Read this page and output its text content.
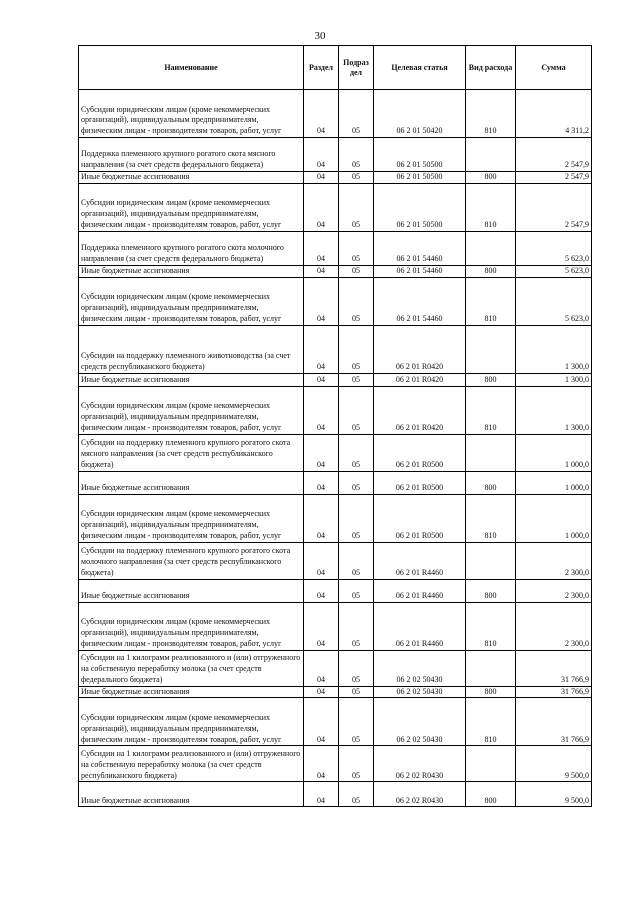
30
Наименование	Раздел	Подраз дел	Целевая статья	Вид расхода	Сумма
Субсидии юридическим лицам (кроме некоммерческих организаций), индивидуальным предпринимателям, физическим лицам - производителям товаров, работ, услуг	04	05	06 2 01 50420	810	4 311,2
Поддержка племенного крупного рогатого скота мясного направления (за счет средств федерального бюджета)	04	05	06 2 01 50500		2 547,9
Иные бюджетные ассигнования	04	05	06 2 01 50500	800	2 547,9
Субсидии юридическим лицам (кроме некоммерческих организаций), индивидуальным предпринимателям, физическим лицам - производителям товаров, работ, услуг	04	05	06 2 01 50500	810	2 547,9
Поддержка племенного крупного рогатого скота молочного направления (за счет средств федерального бюджета)	04	05	06 2 01 54460		5 623,0
Иные бюджетные ассигнования	04	05	06 2 01 54460	800	5 623,0
Субсидии юридическим лицам (кроме некоммерческих организаций), индивидуальным предпринимателям, физическим лицам - производителям товаров, работ, услуг	04	05	06 2 01 54460	810	5 623,0
Субсидии на поддержку племенного животноводства (за счет средств республиканского бюджета)	04	05	06 2 01 R0420		1 300,0
Иные бюджетные ассигнования	04	05	06 2 01 R0420	800	1 300,0
Субсидии юридическим лицам (кроме некоммерческих организаций), индивидуальным предпринимателям, физическим лицам - производителям товаров, работ, услуг	04	05	06 2 01 R0420	810	1 300,0
Субсидии на поддержку племенного крупного рогатого скота мясного направления (за счет средств республиканского бюджета)	04	05	06 2 01 R0500		1 000,0
Иные бюджетные ассигнования	04	05	06 2 01 R0500	800	1 000,0
Субсидии юридическим лицам (кроме некоммерческих организаций), индивидуальным предпринимателям, физическим лицам - производителям товаров, работ, услуг	04	05	06 2 01 R0500	810	1 000,0
Субсидии на поддержку племенного крупного рогатого скота молочного направления (за счет средств республиканского бюджета)	04	05	06 2 01 R4460		2 300,0
Иные бюджетные ассигнования	04	05	06 2 01 R4460	800	2 300,0
Субсидии юридическим лицам (кроме некоммерческих организаций), индивидуальным предпринимателям, физическим лицам - производителям товаров, работ, услуг	04	05	06 2 01 R4460	810	2 300,0
Субсидии на 1 килограмм реализованного и (или) отгруженного на собственную переработку молока (за счет средств федерального бюджета)	04	05	06 2 02 50430		31 766,9
Иные бюджетные ассигнования	04	05	06 2 02 50430	800	31 766,9
Субсидии юридическим лицам (кроме некоммерческих организаций), индивидуальным предпринимателям, физическим лицам - производителям товаров, работ, услуг	04	05	06 2 02 50430	810	31 766,9
Субсидии на 1 килограмм реализованного и (или) отгруженного на собственную переработку молока (за счет средств республиканского бюджета)	04	05	06 2 02 R0430		9 500,0
Иные бюджетные ассигнования	04	05	06 2 02 R0430	800	9 500,0
